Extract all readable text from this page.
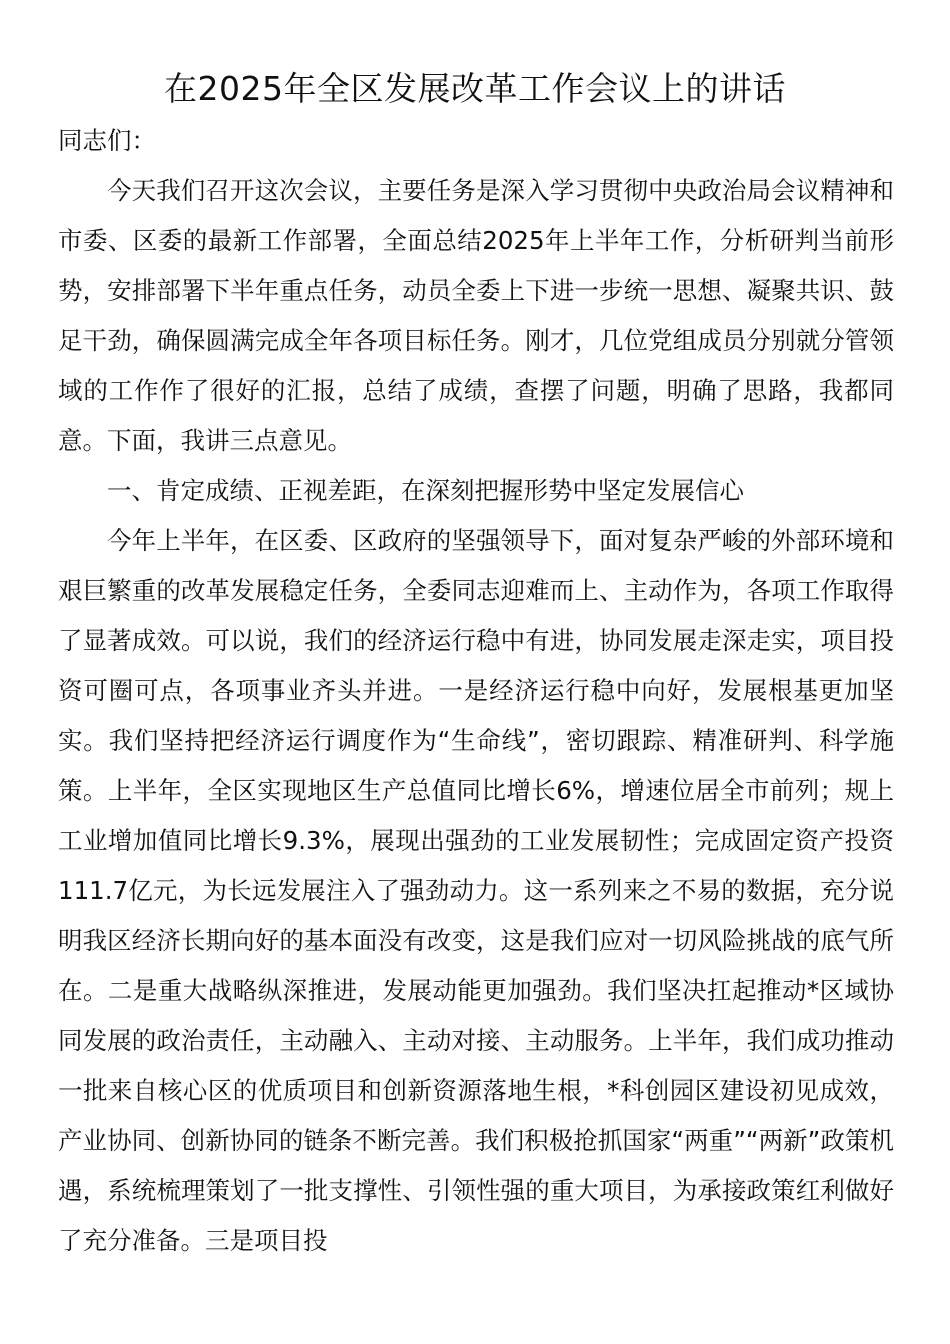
在2025年全区发展改革工作会议上的讲话

同志们：

今天我们召开这次会议，主要任务是深入学习贯彻中央政治局会议精神和市委、区委的最新工作部署，全面总结2025年上半年工作，分析研判当前形势，安排部署下半年重点任务，动员全委上下进一步统一思想、凝聚共识、鼓足干劲，确保圆满完成全年各项目标任务。刚才，几位党组成员分别就分管领域的工作作了很好的汇报，总结了成绩，查摆了问题，明确了思路，我都同意。下面，我讲三点意见。

一、肯定成绩、正视差距，在深刻把握形势中坚定发展信心

今年上半年，在区委、区政府的坚强领导下，面对复杂严峻的外部环境和艰巨繁重的改革发展稳定任务，全委同志迎难而上、主动作为，各项工作取得了显著成效。可以说，我们的经济运行稳中有进，协同发展走深走实，项目投资可圈可点，各项事业齐头并进。一是经济运行稳中向好，发展根基更加坚实。我们坚持把经济运行调度作为“生命线”，密切跟踪、精准研判、科学施策。上半年，全区实现地区生产总值同比增长6%，增速位居全市前列；规上工业增加值同比增长9.3%，展现出强劲的工业发展韧性；完成固定资产投资111.7亿元，为长远发展注入了强劲动力。这一系列来之不易的数据，充分说明我区经济长期向好的基本面没有改变，这是我们应对一切风险挑战的底气所在。二是重大战略纵深推进，发展动能更加强劲。我们坚决扛起推动*区域协同发展的政治责任，主动融入、主动对接、主动服务。上半年，我们成功推动一批来自核心区的优质项目和创新资源落地生根，*科创园区建设初见成效，产业协同、创新协同的链条不断完善。我们积极抢抓国家“两重”“两新”政策机遇，系统梳理策划了一批支撑性、引领性强的重大项目，为承接政策红利做好了充分准备。三是项目投
